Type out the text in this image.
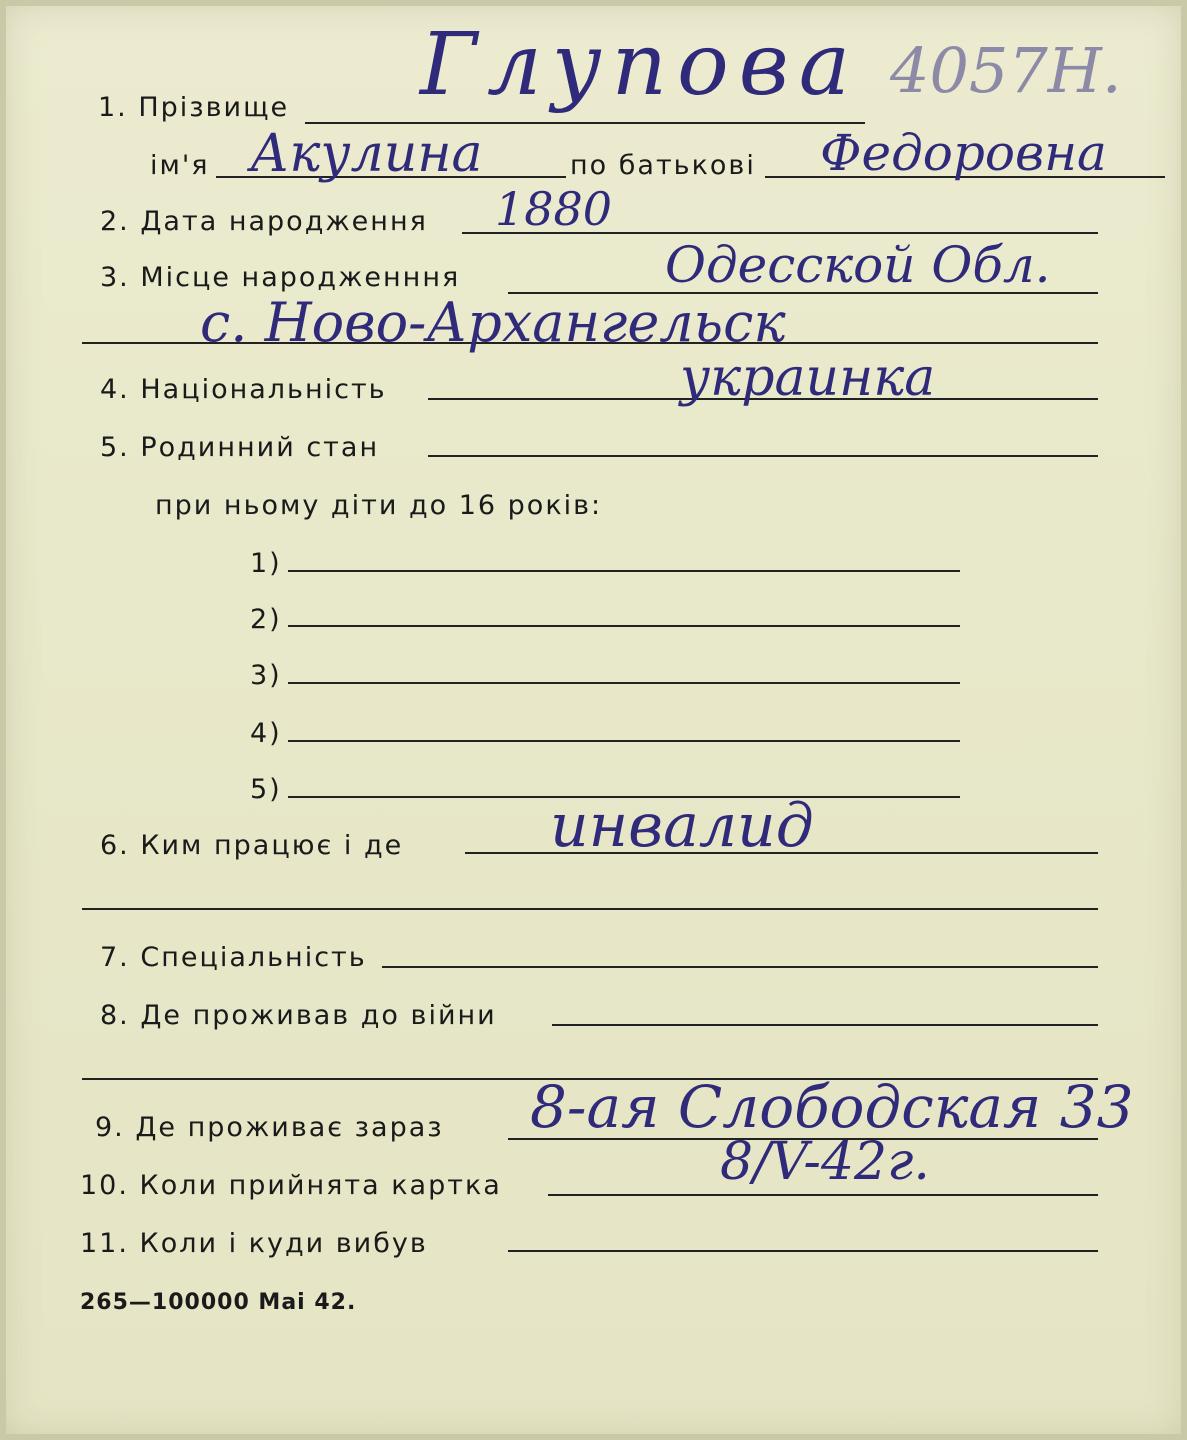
1. Прізвище Глупова 4057Н.
ім'я Акулина	по батькові Федоровна
2. Дата народження 1880
3. Місце народженння	Одесской Обл.
с. Ново-Архангельск
4. Національність	украинка
5. Родинний стан
при ньому діти до 16 років:
1)
2)
3)
4)
5)
6. Ким працює і де инвалид
7. Спеціальність
8. Де проживав до війни
9. Де проживає зараз 8-ая Слободская 33
10. Коли прийнята картка	8/V-42г.
11. Коли і куди вибув
265—100000 Mai 42.
